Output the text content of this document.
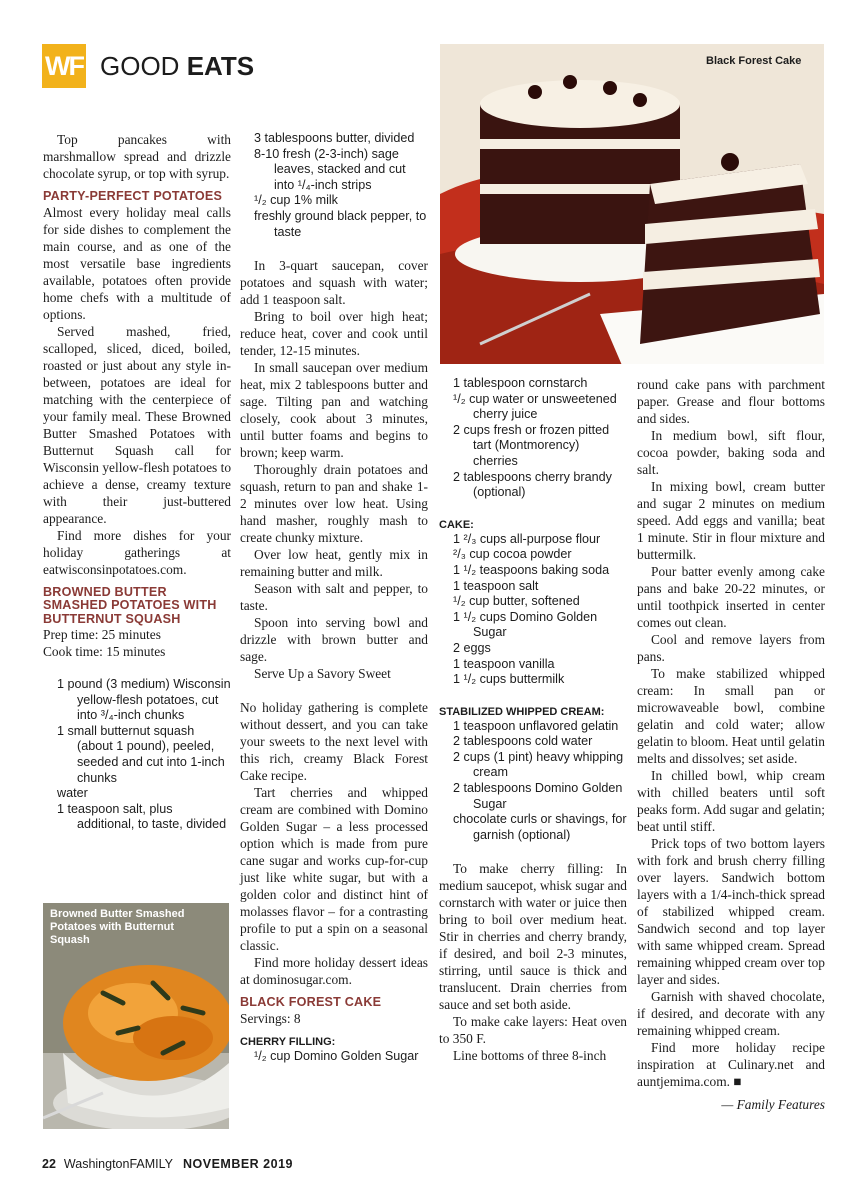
WF GOOD EATS	Black Forest Cake

Top pancakes with marshmallow spread and drizzle chocolate syrup, or top with syrup.

PARTY-PERFECT POTATOES

Almost every holiday meal calls for side dishes to complement the main course, and as one of the most versatile base ingredients available, potatoes often provide home chefs with a multitude of options.

Served mashed, fried, scalloped, sliced, diced, boiled, roasted or just about any style in-between, potatoes are ideal for matching with the centerpiece of your family meal. These Browned Butter Smashed Potatoes with Butternut Squash call for Wisconsin yellow-flesh potatoes to achieve a dense, creamy texture with their just-buttered appearance.

Find more dishes for your holiday gatherings at eatwisconsinpotatoes.com.

BROWNED BUTTER SMASHED POTATOES WITH BUTTERNUT SQUASH

Prep time: 25 minutes

Cook time: 15 minutes

1 pound (3 medium) Wisconsin yellow-flesh potatoes, cut into ³/₄-inch chunks
1 small butternut squash (about 1 pound), peeled, seeded and cut into 1-inch chunks
water
1 teaspoon salt, plus additional, to taste, divided
Browned Butter Smashed Potatoes with Butternut Squash
3 tablespoons butter, divided
8-10 fresh (2-3-inch) sage leaves, stacked and cut into ¹/₄-inch strips
¹/₂ cup 1% milk
freshly ground black pepper, to taste

In 3-quart saucepan, cover potatoes and squash with water; add 1 teaspoon salt.

Bring to boil over high heat; reduce heat, cover and cook until tender, 12-15 minutes.

In small saucepan over medium heat, mix 2 tablespoons butter and sage. Tilting pan and watching closely, cook about 3 minutes, until butter foams and begins to brown; keep warm.

Thoroughly drain potatoes and squash, return to pan and shake 1-2 minutes over low heat. Using hand masher, roughly mash to create chunky mixture.

Over low heat, gently mix in remaining butter and milk.

Season with salt and pepper, to taste.

Spoon into serving bowl and drizzle with brown butter and sage.

Serve Up a Savory Sweet

No holiday gathering is complete without dessert, and you can take your sweets to the next level with this rich, creamy Black Forest Cake recipe.

Tart cherries and whipped cream are combined with Domino Golden Sugar – a less processed option which is made from pure cane sugar and works cup-for-cup just like white sugar, but with a golden color and distinct hint of molasses flavor – for a contrasting profile to put a spin on a seasonal classic.

Find more holiday dessert ideas at dominosugar.com.

BLACK FOREST CAKE

Servings: 8

CHERRY FILLING:
¹/₂ cup Domino Golden Sugar
1 tablespoon cornstarch
¹/₂ cup water or unsweetened cherry juice
2 cups fresh or frozen pitted tart (Montmorency) cherries
2 tablespoons cherry brandy (optional)
CAKE:
1 ²/₃ cups all-purpose flour
²/₃ cup cocoa powder
1 ¹/₂ teaspoons baking soda
1 teaspoon salt
¹/₂ cup butter, softened
1 ¹/₂ cups Domino Golden Sugar
2 eggs
1 teaspoon vanilla
1 ¹/₂ cups buttermilk
STABILIZED WHIPPED CREAM:
1 teaspoon unflavored gelatin
2 tablespoons cold water
2 cups (1 pint) heavy whipping cream
2 tablespoons Domino Golden Sugar
chocolate curls or shavings, for garnish (optional)

To make cherry filling: In medium saucepot, whisk sugar and cornstarch with water or juice then bring to boil over medium heat. Stir in cherries and cherry brandy, if desired, and boil 2-3 minutes, stirring, until sauce is thick and translucent. Drain cherries from sauce and set both aside.

To make cake layers: Heat oven to 350 F.

Line bottoms of three 8-inch

round cake pans with parchment paper. Grease and flour bottoms and sides.

In medium bowl, sift flour, cocoa powder, baking soda and salt.

In mixing bowl, cream butter and sugar 2 minutes on medium speed. Add eggs and vanilla; beat 1 minute. Stir in flour mixture and buttermilk.

Pour batter evenly among cake pans and bake 20-22 minutes, or until toothpick inserted in center comes out clean.

Cool and remove layers from pans.

To make stabilized whipped cream: In small pan or microwaveable bowl, combine gelatin and cold water; allow gelatin to bloom. Heat until gelatin melts and dissolves; set aside.

In chilled bowl, whip cream with chilled beaters until soft peaks form. Add sugar and gelatin; beat until stiff.

Prick tops of two bottom layers with fork and brush cherry filling over layers. Sandwich bottom layers with a 1/4-inch-thick spread of stabilized whipped cream. Sandwich second and top layer with same whipped cream. Spread remaining whipped cream over top layer and sides.

Garnish with shaved chocolate, if desired, and decorate with any remaining whipped cream.

Find more holiday recipe inspiration at Culinary.net and auntjemima.com. ■

— Family Features
22 WashingtonFAMILY NOVEMBER 2019
